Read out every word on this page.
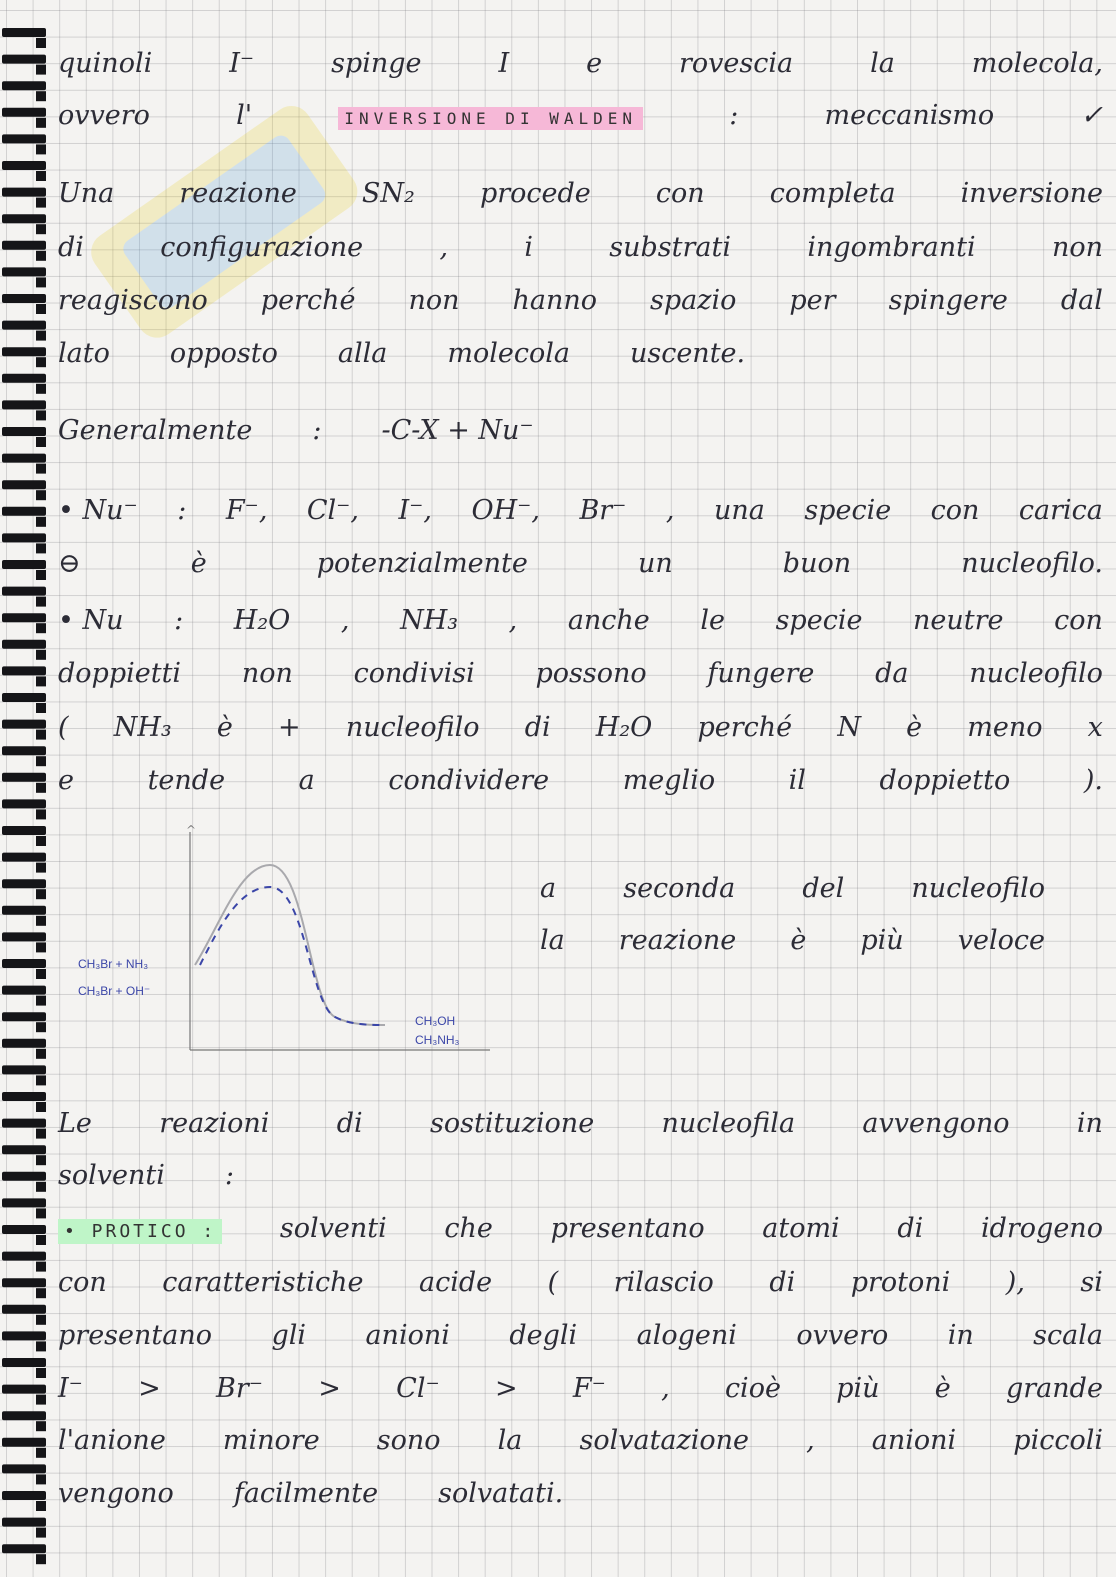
quinoli	I⁻	spinge	I	e	rovescia	la	molecola,
ovvero	l'	INVERSIONE DI WALDEN	:	meccanismo	✓
Una reazione SN₂ procede con completa inversione
di	configurazione	,	i	substrati	ingombranti	non
reagiscono perché non hanno spazio per spingere dal
lato opposto alla molecola uscente.
Generalmente : -C-X + Nu⁻
• Nu⁻ : F⁻, Cl⁻, I⁻, OH⁻, Br⁻ , una specie con carica
⊖	è	potenzialmente	un	buon	nucleofilo.
• Nu : H₂O , NH₃ , anche le specie neutre con
doppietti non condivisi possono fungere da nucleofilo
( NH₃ è + nucleofilo di H₂O perché N è meno x
e	tende	a	condividere	meglio	il	doppietto	).
Le reazioni di sostituzione nucleofila avvengono in
solventi :
• PROTICO : solventi che presentano atomi di idrogeno
con caratteristiche acide ( rilascio di protoni ), si
presentano gli anioni degli alogeni ovvero in scala
I⁻ > Br⁻ > Cl⁻ > F⁻ , cioè più è grande
l'anione minore sono la solvatazione , anioni piccoli
vengono facilmente solvatati.
^
CH₃Br + NH₃
CH₃Br + OH⁻
CH₃OH
CH₃NH₃
a seconda del nucleofilo
la reazione è più veloce
